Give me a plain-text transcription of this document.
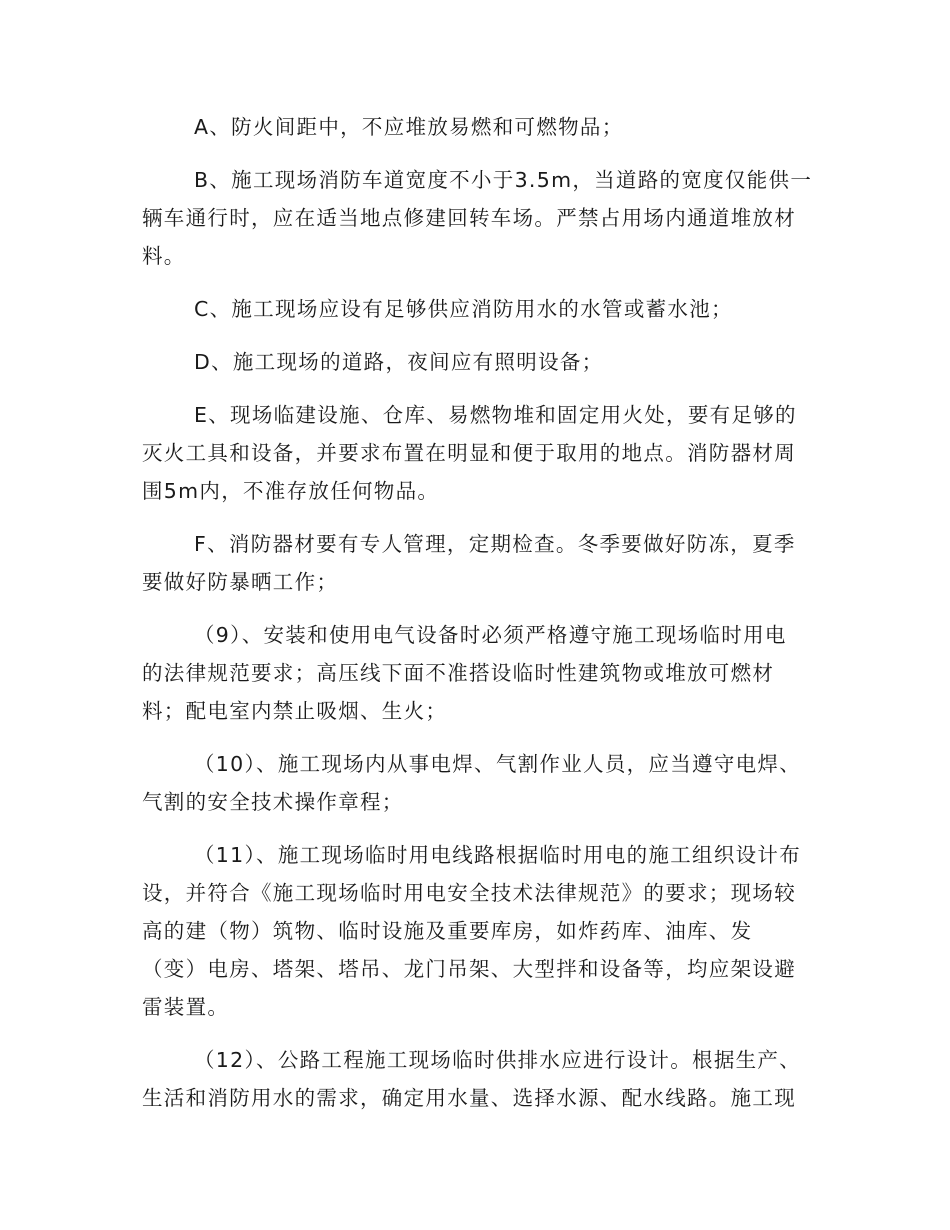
A、防火间距中，不应堆放易燃和可燃物品；

B、施工现场消防车道宽度不小于3.5m，当道路的宽度仅能供一
辆车通行时，应在适当地点修建回转车场。严禁占用场内通道堆放材
料。

C、施工现场应设有足够供应消防用水的水管或蓄水池；

D、施工现场的道路，夜间应有照明设备；

E、现场临建设施、仓库、易燃物堆和固定用火处，要有足够的
灭火工具和设备，并要求布置在明显和便于取用的地点。消防器材周
围5m内，不准存放任何物品。

F、消防器材要有专人管理，定期检查。冬季要做好防冻，夏季
要做好防暴晒工作；

（9）、安装和使用电气设备时必须严格遵守施工现场临时用电
的法律规范要求；高压线下面不准搭设临时性建筑物或堆放可燃材
料；配电室内禁止吸烟、生火；

（10）、施工现场内从事电焊、气割作业人员，应当遵守电焊、
气割的安全技术操作章程；

（11）、施工现场临时用电线路根据临时用电的施工组织设计布
设，并符合《施工现场临时用电安全技术法律规范》的要求；现场较
高的建（物）筑物、临时设施及重要库房，如炸药库、油库、发
（变）电房、塔架、塔吊、龙门吊架、大型拌和设备等，均应架设避
雷装置。

（12）、公路工程施工现场临时供排水应进行设计。根据生产、
生活和消防用水的需求，确定用水量、选择水源、配水线路。施工现
